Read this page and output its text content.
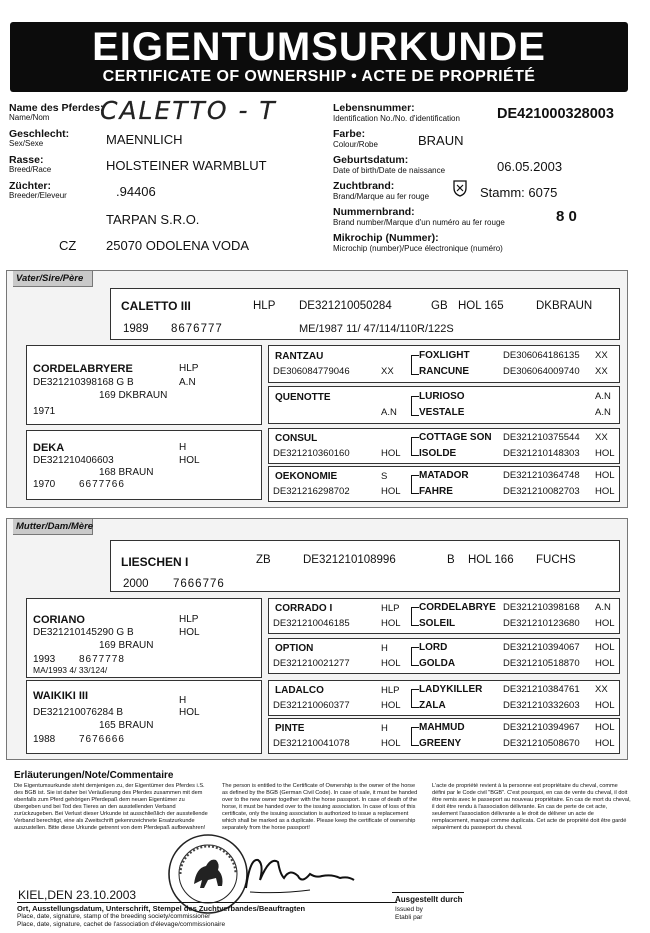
EIGENTUMSURKUNDE
CERTIFICATE OF OWNERSHIP • ACTE DE PROPRIÉTÉ
Name des Pferdes:
Name/Nom CALETTO - T
Geschlecht:
Sex/Sexe	MAENNLICH
Rasse:
Breed/Race	HOLSTEINER WARMBLUT
Züchter:
Breeder/Eleveur	.94406
TARPAN S.R.O.
CZ 25070 ODOLENA VODA
Lebensnummer:
Identification No./No. d'identification	DE421000328003
Farbe:
Colour/Robe	BRAUN
Geburtsdatum:
Date of birth/Date de naissance	06.05.2003
Zuchtbrand:
Brand/Marque au fer rouge	Stamm: 6075
Nummernbrand:
Brand number/Marque d'un numéro au fer rouge	8 0
Mikrochip (Nummer):
Microchip (number)/Puce électronique (numéro)
Vater/Sire/Père
CALETTO III	HLP DE321210050284	GB HOL 165	DKBRAUN
1989 8676777	ME/1987 11/ 47/114/110R/122S
CORDELABRYERE	HLP
DE321210398168 G B	A.N
169 DKBRAUN
1971
DEKA	H
DE321210406603	HOL
168 BRAUN
1970 6677766
RANTZAU
DE306084779046	XX
FOXLIGHT	DE306064186135 XX
RANCUNE	DE306064009740 XX
QUENOTTE
A.N
LURIOSO	A.N
VESTALE	A.N
CONSUL
DE321210360160	HOL
COTTAGE SON DE321210375544 XX
ISOLDE	DE321210148303 HOL
OEKONOMIE	S
DE321216298702	HOL
MATADOR	DE321210364748 HOL
FAHRE	DE321210082703 HOL
Mutter/Dam/Mère
LIESCHEN I	ZB	DE321210108996	B HOL 166 FUCHS
2000 7666776
CORIANO	HLP
DE321210145290 G B	HOL
169 BRAUN
1993 8677778
MA/1993 4/ 33/124/
WAIKIKI III	H
DE321210076284 B	HOL
165 BRAUN
1988 7676666
CORRADO I	HLP
DE321210046185	HOL
CORDELABRYE DE321210398168 A.N
SOLEIL	DE321210123680 HOL
OPTION	H
DE321210021277	HOL
LORD	DE321210394067 HOL
GOLDA	DE321210518870 HOL
LADALCO	HLP
DE321210060377	HOL
LADYKILLER DE321210384761 XX
ZALA	DE321210332603 HOL
PINTE	H
DE321210041078	HOL
MAHMUD	DE321210394967 HOL
GREENY	DE321210508670 HOL
Erläuterungen/Note/Commentaire
Die Eigentumsurkunde steht demjenigen zu, der Eigentümer des Pferdes i.S. des BGB ist. Sie ist daher bei Veräußerung des Pferdes zusammen mit dem ebenfalls zum Pferd gehörigen Pferdepaß dem neuen Eigentümer zu übergeben und bei Tod des Tieres an den ausstellenden Verband zurückzugeben. Bei Verlust dieser Urkunde ist ausschließlich der ausstellende Verband berechtigt, eine als Zweitschrift gekennzeichnete Ersatzurkunde auszustellen. Bitte diese Urkunde getrennt von dem Pferdepaß aufbewahren!
The person is entitled to the Certificate of Ownership is the owner of the horse as defined by the BGB (German Civil Code). In case of sale, it must be handed over to the new owner together with the horse passport. In case of death of the horse, it must be handed over to the issuing association. In case of loss of this certificate, only the issuing association is authorized to issue a replacement which shall be marked as a duplicate. Please keep the certificate of ownership separately from the horse passport!
L'acte de propriété revient à la personne est propriétaire du cheval, comme défini par le Code civil "BGB". C'est pourquoi, en cas de vente du cheval, il doit être remis avec le passeport au nouveau propriétaire. En cas de mort du cheval, il doit être rendu à l'association délivrante. En cas de perte de cet acte, seulement l'association délivrante a le droit de délivrer un acte de remplacement, marqué comme duplicata. Cet acte de propriété doit être gardé séparément du passeport du cheval.
KIEL,DEN 23.10.2003
Ort, Ausstellungsdatum, Unterschrift, Stempel des Zuchtverbandes/Beauftragten
Place, date, signature, stamp of the breeding society/commissioner
Place, date, signature, cachet de l'association d'élevage/commissionaire
Ausgestellt durch
Issued by
Etabli par
